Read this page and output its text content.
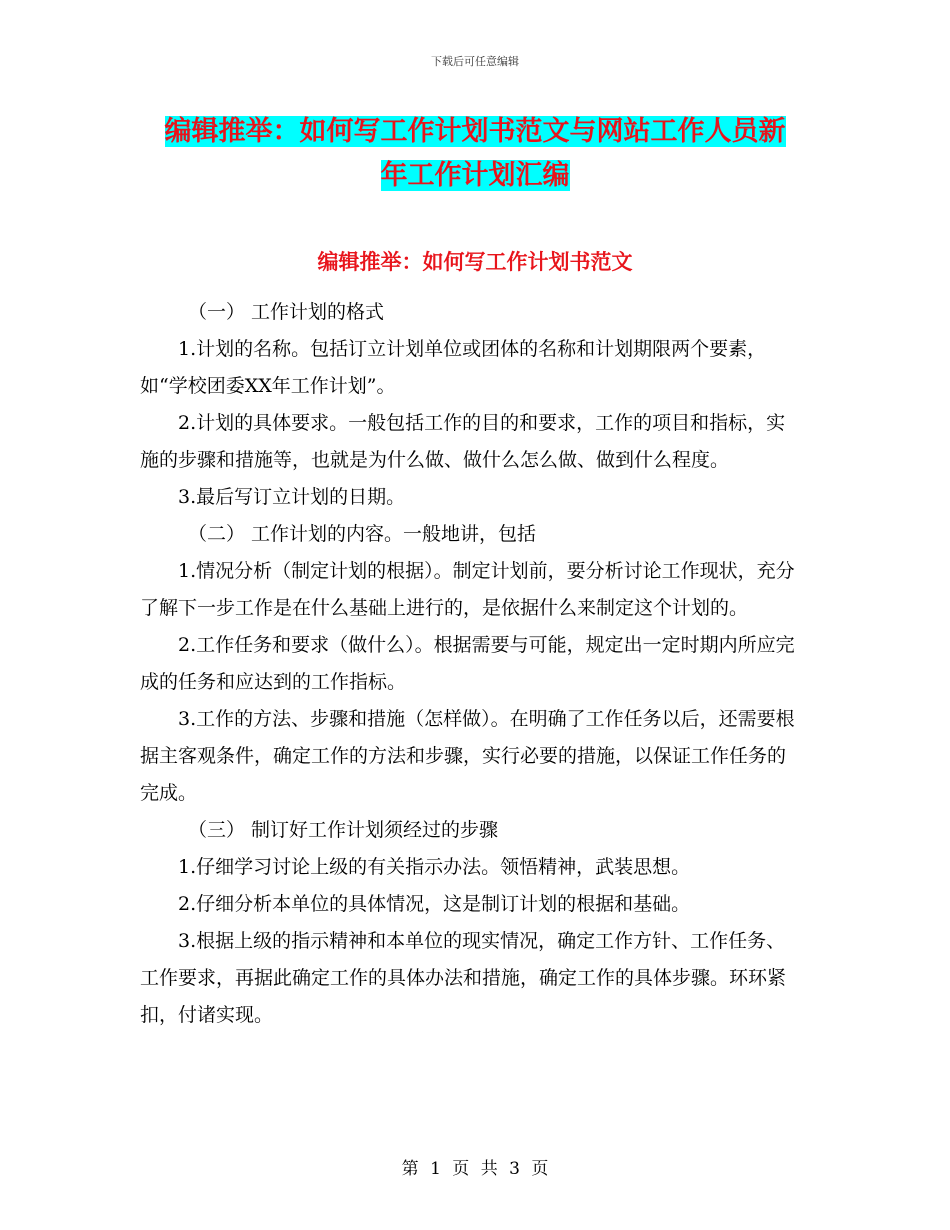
下载后可任意编辑
编辑推举：如何写工作计划书范文与网站工作人员新
年工作计划汇编
编辑推举：如何写工作计划书范文

（一） 工作计划的格式

1.计划的名称。包括订立计划单位或团体的名称和计划期限两个要素，如“学校团委XX年工作计划”。

2.计划的具体要求。一般包括工作的目的和要求，工作的项目和指标，实施的步骤和措施等，也就是为什么做、做什么怎么做、做到什么程度。

3.最后写订立计划的日期。

（二） 工作计划的内容。一般地讲，包括

1.情况分析（制定计划的根据）。制定计划前，要分析讨论工作现状，充分了解下一步工作是在什么基础上进行的，是依据什么来制定这个计划的。

2.工作任务和要求（做什么）。根据需要与可能，规定出一定时期内所应完成的任务和应达到的工作指标。

3.工作的方法、步骤和措施（怎样做）。在明确了工作任务以后，还需要根据主客观条件，确定工作的方法和步骤，实行必要的措施，以保证工作任务的完成。

（三） 制订好工作计划须经过的步骤

1.仔细学习讨论上级的有关指示办法。领悟精神，武装思想。

2.仔细分析本单位的具体情况，这是制订计划的根据和基础。

3.根据上级的指示精神和本单位的现实情况，确定工作方针、工作任务、工作要求，再据此确定工作的具体办法和措施，确定工作的具体步骤。环环紧扣，付诸实现。

第 1 页 共 3 页
